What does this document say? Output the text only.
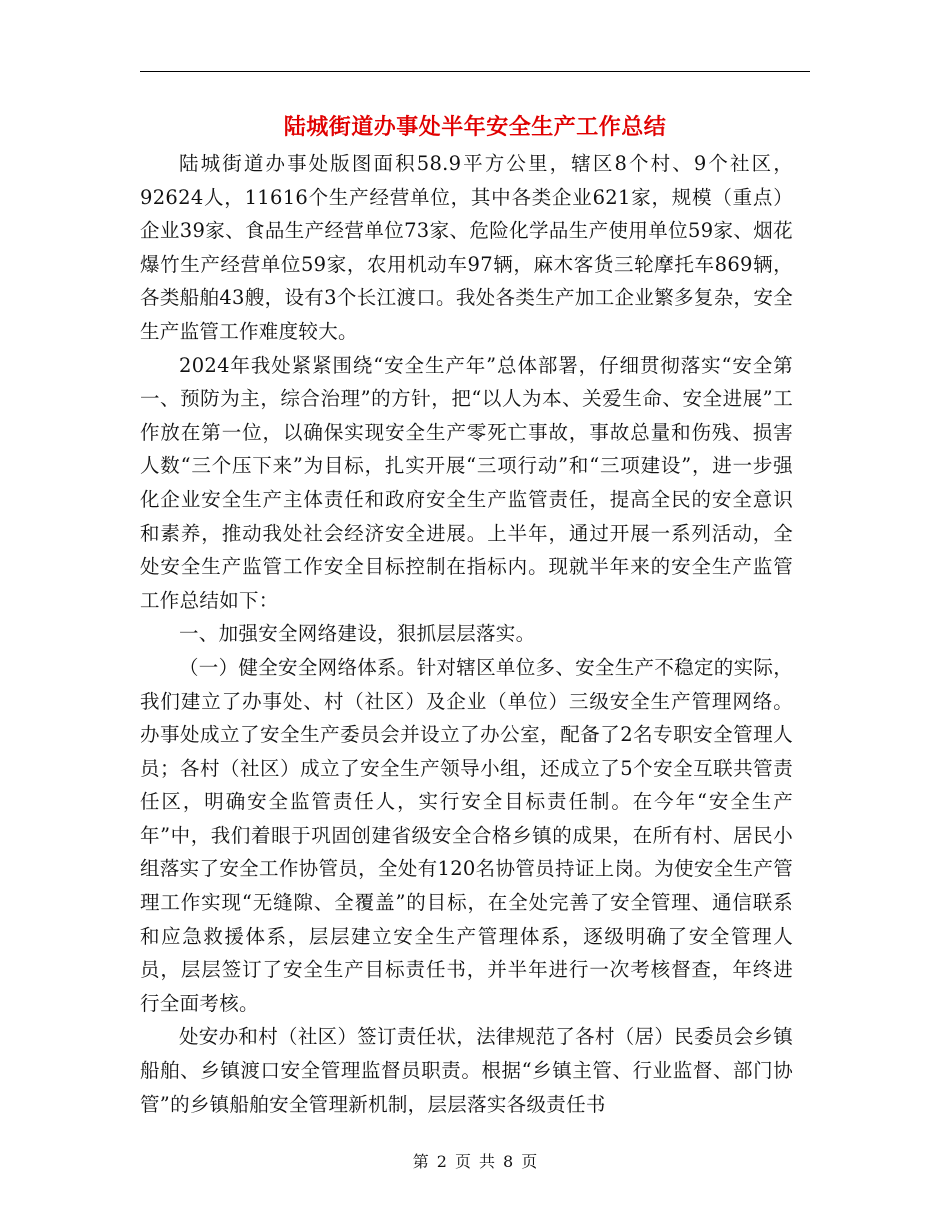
陆城街道办事处半年安全生产工作总结

陆城街道办事处版图面积58.9平方公里，辖区8个村、9个社区，92624人，11616个生产经营单位，其中各类企业621家，规模（重点）企业39家、食品生产经营单位73家、危险化学品生产使用单位59家、烟花爆竹生产经营单位59家，农用机动车97辆，麻木客货三轮摩托车869辆，各类船舶43艘，设有3个长江渡口。我处各类生产加工企业繁多复杂，安全生产监管工作难度较大。

2024年我处紧紧围绕“安全生产年”总体部署，仔细贯彻落实“安全第一、预防为主，综合治理”的方针，把“以人为本、关爱生命、安全进展”工作放在第一位，以确保实现安全生产零死亡事故，事故总量和伤残、损害人数“三个压下来”为目标，扎实开展“三项行动”和“三项建设”，进一步强化企业安全生产主体责任和政府安全生产监管责任，提高全民的安全意识和素养，推动我处社会经济安全进展。上半年，通过开展一系列活动，全处安全生产监管工作安全目标控制在指标内。现就半年来的安全生产监管工作总结如下：

一、加强安全网络建设，狠抓层层落实。

（一）健全安全网络体系。针对辖区单位多、安全生产不稳定的实际，我们建立了办事处、村（社区）及企业（单位）三级安全生产管理网络。办事处成立了安全生产委员会并设立了办公室，配备了2名专职安全管理人员；各村（社区）成立了安全生产领导小组，还成立了5个安全互联共管责任区，明确安全监管责任人，实行安全目标责任制。在今年“安全生产年”中，我们着眼于巩固创建省级安全合格乡镇的成果，在所有村、居民小组落实了安全工作协管员，全处有120名协管员持证上岗。为使安全生产管理工作实现“无缝隙、全覆盖”的目标，在全处完善了安全管理、通信联系和应急救援体系，层层建立安全生产管理体系，逐级明确了安全管理人员，层层签订了安全生产目标责任书，并半年进行一次考核督查，年终进行全面考核。

处安办和村（社区）签订责任状，法律规范了各村（居）民委员会乡镇船舶、乡镇渡口安全管理监督员职责。根据“乡镇主管、行业监督、部门协管”的乡镇船舶安全管理新机制，层层落实各级责任书

第 2 页 共 8 页
